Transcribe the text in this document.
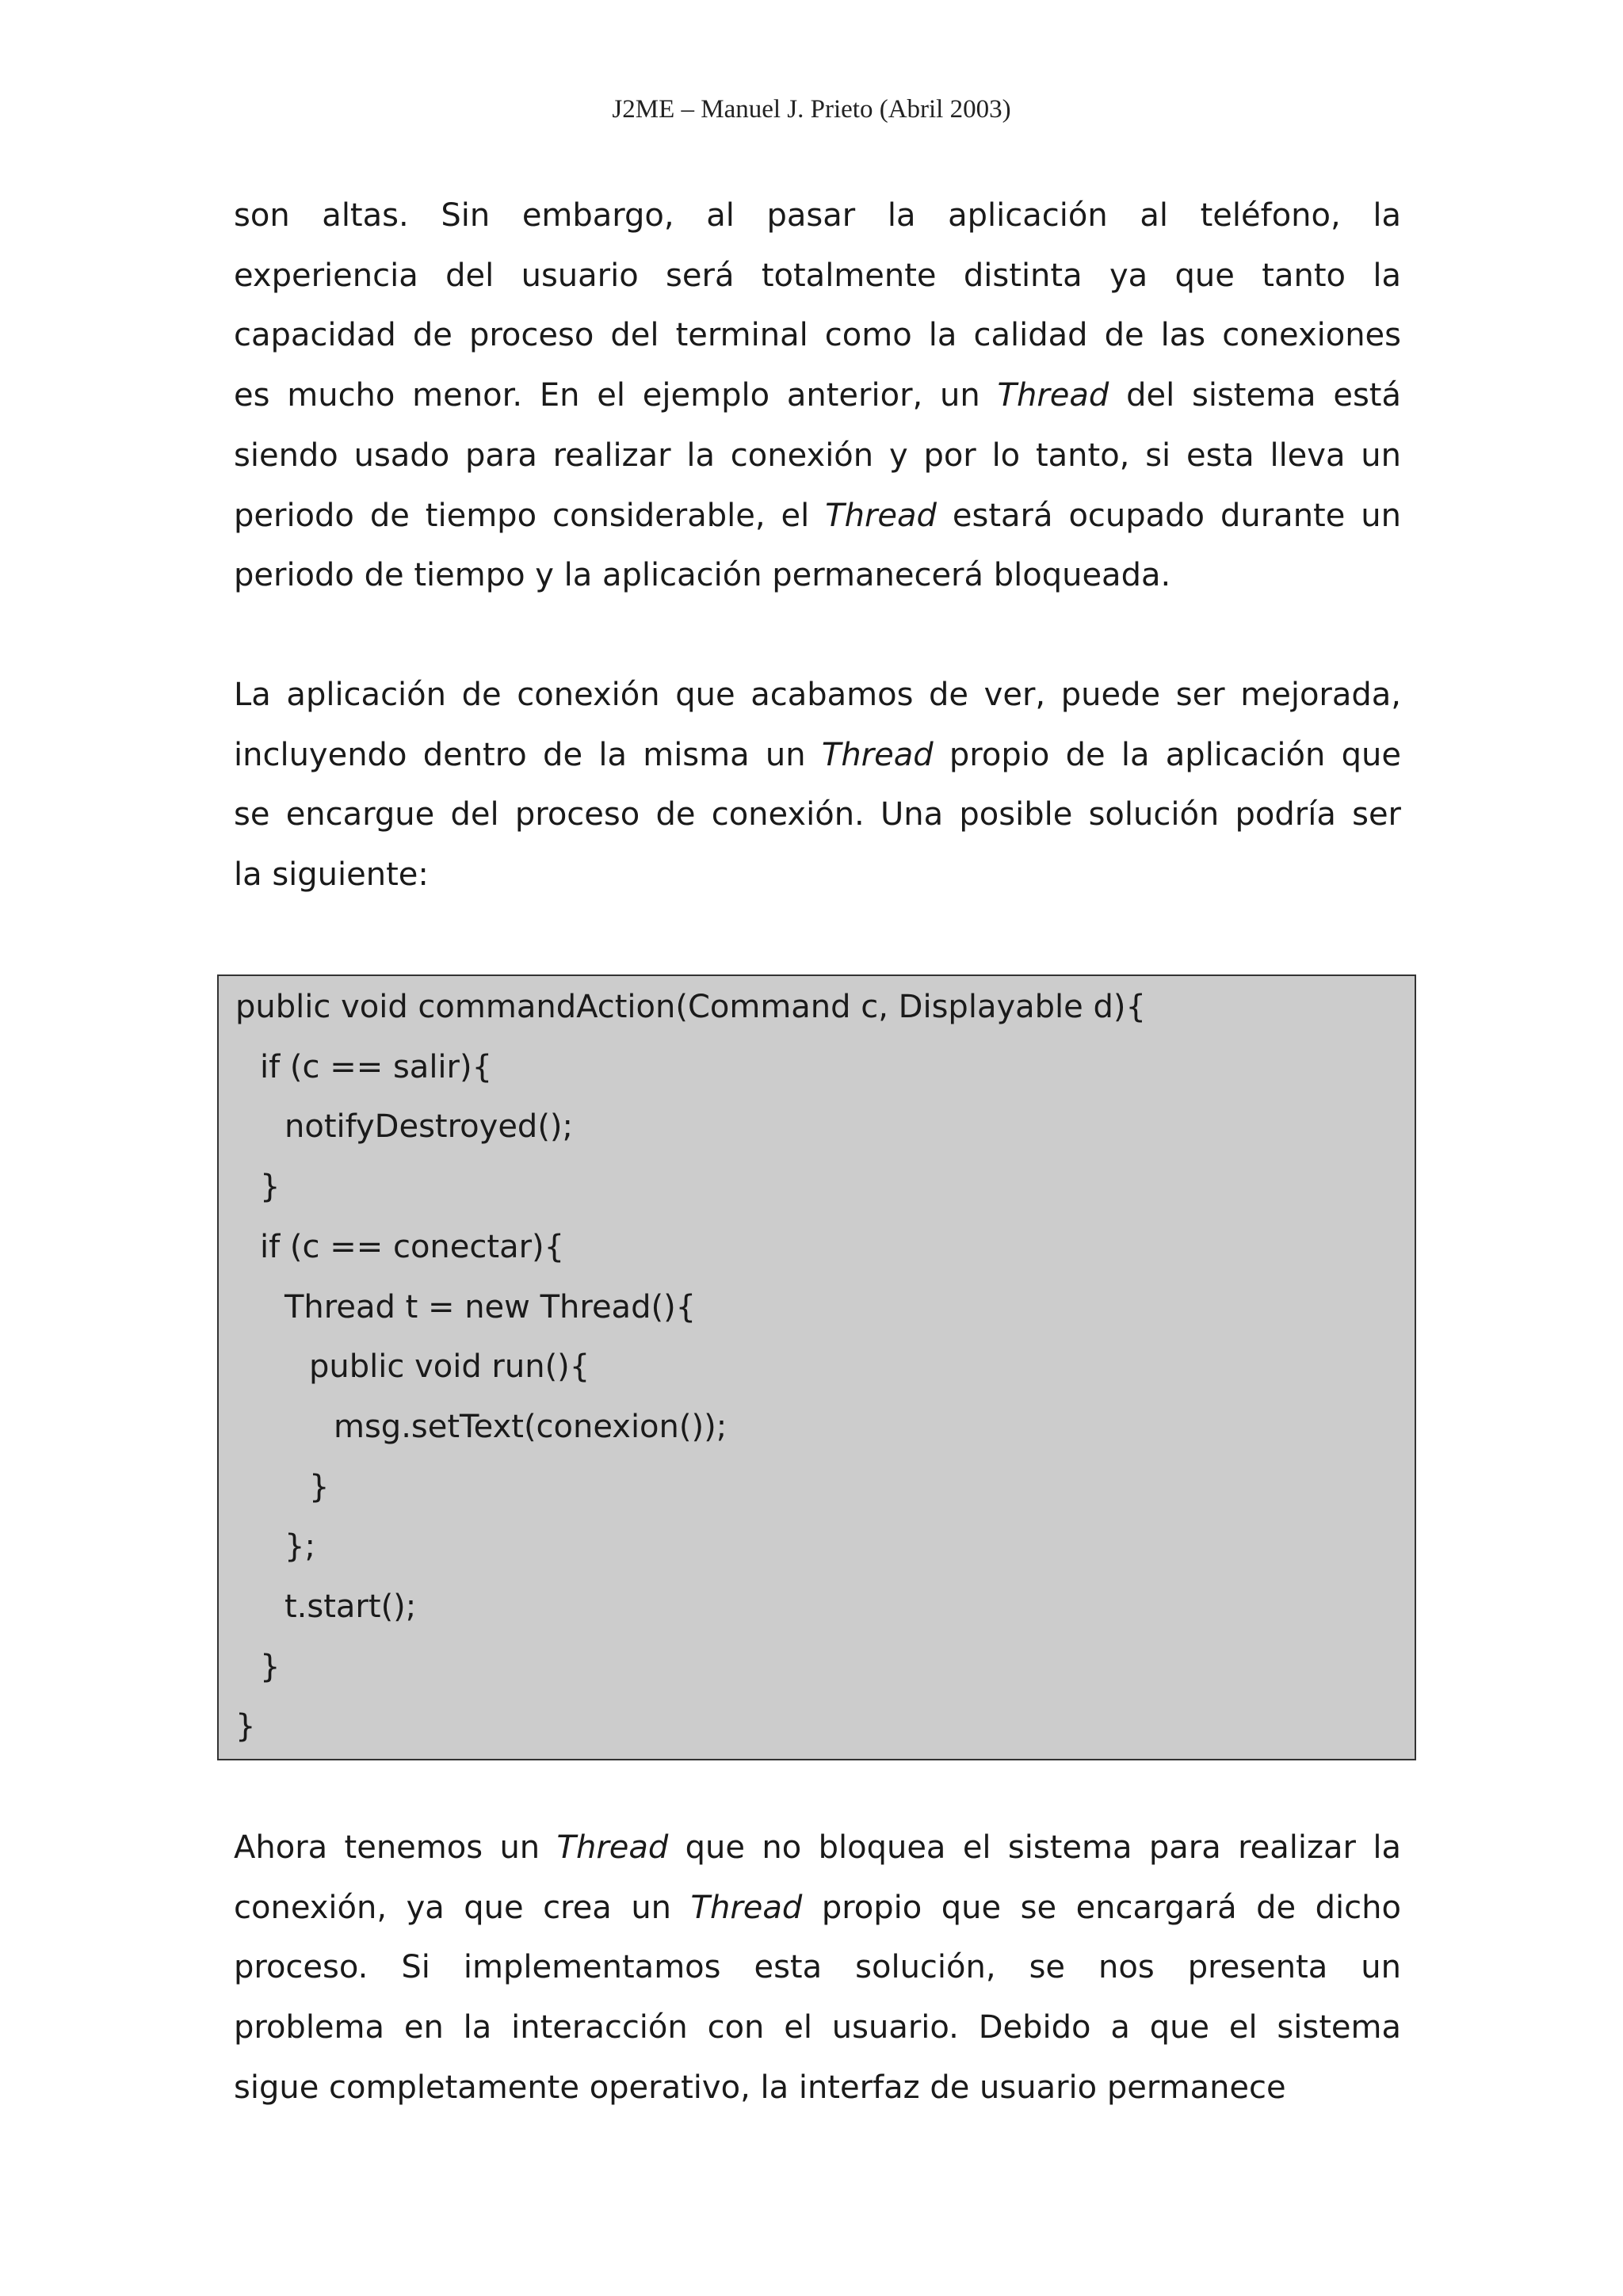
J2ME – Manuel J. Prieto (Abril 2003)
son altas. Sin embargo, al pasar la aplicación al teléfono, la
experiencia del usuario será totalmente distinta ya que tanto la
capacidad de proceso del terminal como la calidad de las conexiones
es mucho menor. En el ejemplo anterior, un Thread del sistema está
siendo usado para realizar la conexión y por lo tanto, si esta lleva un
periodo de tiempo considerable, el Thread estará ocupado durante un
periodo de tiempo y la aplicación permanecerá bloqueada.
La aplicación de conexión que acabamos de ver, puede ser mejorada,
incluyendo dentro de la misma un Thread propio de la aplicación que
se encargue del proceso de conexión. Una posible solución podría ser
la siguiente:
public void commandAction(Command c, Displayable d){
if (c == salir){
notifyDestroyed();
}
if (c == conectar){
Thread t = new Thread(){
public void run(){
msg.setText(conexion());
}
};
t.start();
}
}
Ahora tenemos un Thread que no bloquea el sistema para realizar la
conexión, ya que crea un Thread propio que se encargará de dicho
proceso. Si implementamos esta solución, se nos presenta un
problema en la interacción con el usuario. Debido a que el sistema
sigue completamente operativo, la interfaz de usuario permanece
